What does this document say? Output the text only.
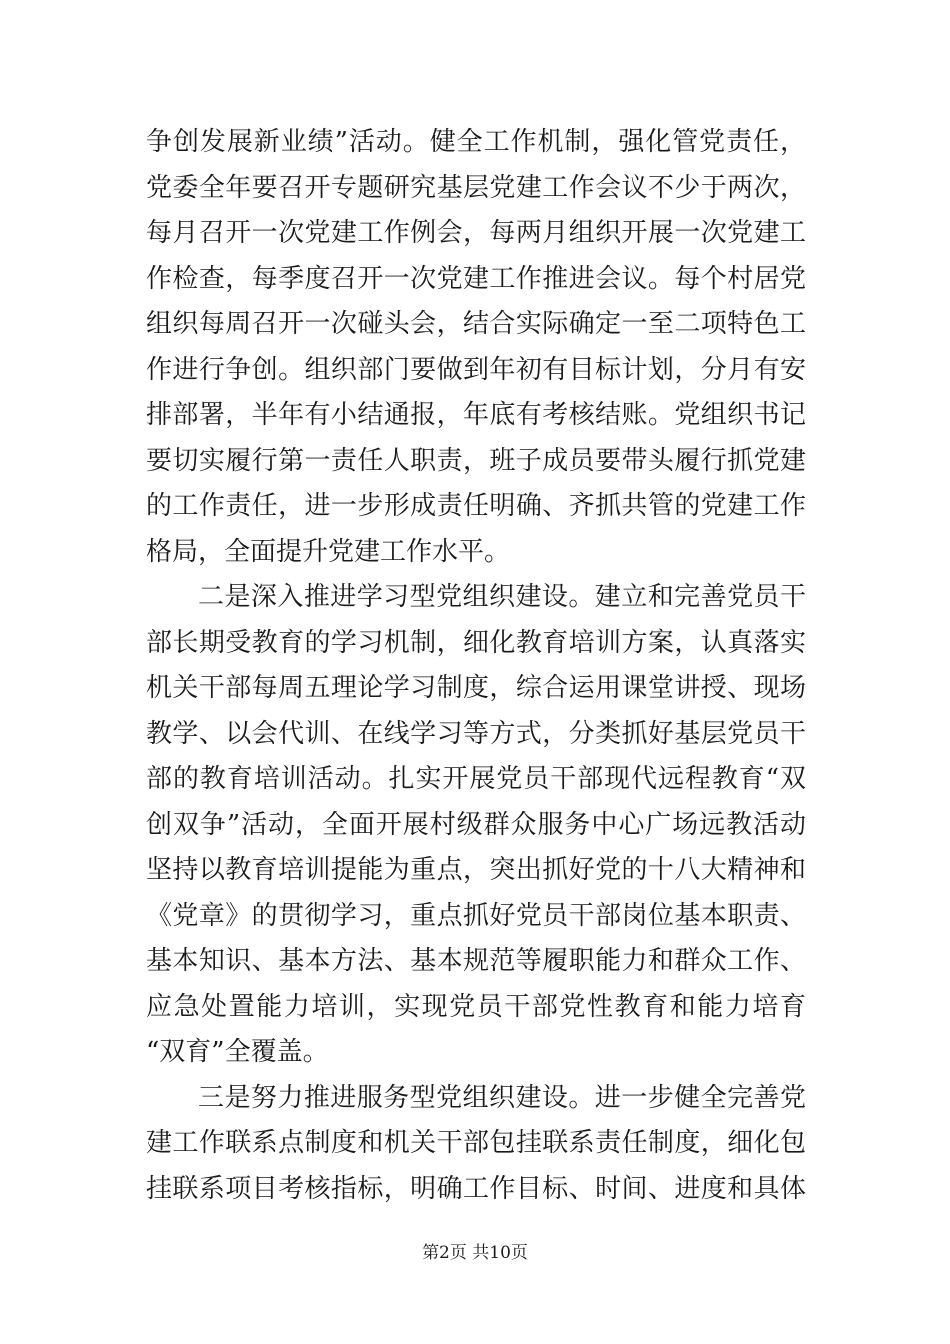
争创发展新业绩”活动。健全工作机制，强化管党责任，
党委全年要召开专题研究基层党建工作会议不少于两次，
每月召开一次党建工作例会，每两月组织开展一次党建工
作检查，每季度召开一次党建工作推进会议。每个村居党
组织每周召开一次碰头会，结合实际确定一至二项特色工
作进行争创。组织部门要做到年初有目标计划，分月有安
排部署，半年有小结通报，年底有考核结账。党组织书记
要切实履行第一责任人职责，班子成员要带头履行抓党建
的工作责任，进一步形成责任明确、齐抓共管的党建工作
格局，全面提升党建工作水平。
二是深入推进学习型党组织建设。建立和完善党员干
部长期受教育的学习机制，细化教育培训方案，认真落实
机关干部每周五理论学习制度，综合运用课堂讲授、现场
教学、以会代训、在线学习等方式，分类抓好基层党员干
部的教育培训活动。扎实开展党员干部现代远程教育“双
创双争”活动，全面开展村级群众服务中心广场远教活动
坚持以教育培训提能为重点，突出抓好党的十八大精神和
《党章》的贯彻学习，重点抓好党员干部岗位基本职责、
基本知识、基本方法、基本规范等履职能力和群众工作、
应急处置能力培训，实现党员干部党性教育和能力培育
“双育”全覆盖。
三是努力推进服务型党组织建设。进一步健全完善党
建工作联系点制度和机关干部包挂联系责任制度，细化包
挂联系项目考核指标，明确工作目标、时间、进度和具体
第2页 共10页
